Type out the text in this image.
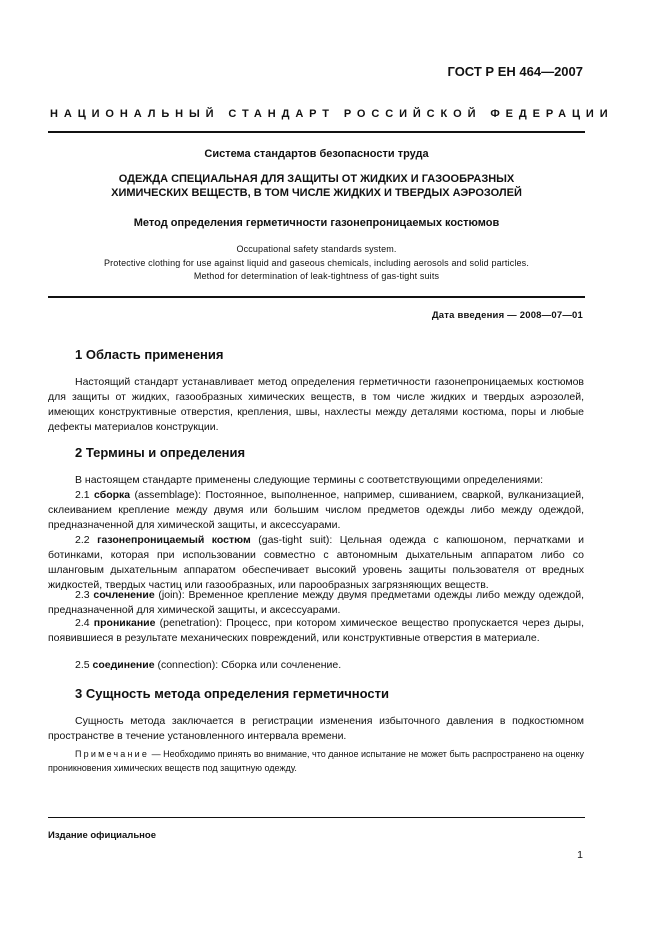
ГОСТ Р ЕН 464—2007
НАЦИОНАЛЬНЫЙ СТАНДАРТ РОССИЙСКОЙ ФЕДЕРАЦИИ
Система стандартов безопасности труда
ОДЕЖДА СПЕЦИАЛЬНАЯ ДЛЯ ЗАЩИТЫ ОТ ЖИДКИХ И ГАЗООБРАЗНЫХ
ХИМИЧЕСКИХ ВЕЩЕСТВ, В ТОМ ЧИСЛЕ ЖИДКИХ И ТВЕРДЫХ АЭРОЗОЛЕЙ
Метод определения герметичности газонепроницаемых костюмов
Occupational safety standards system.
Protective clothing for use against liquid and gaseous chemicals, including aerosols and solid particles.
Method for determination of leak-tightness of gas-tight suits
Дата введения — 2008—07—01
1 Область применения

Настоящий стандарт устанавливает метод определения герметичности газонепроницаемых костюмов для защиты от жидких, газообразных химических веществ, в том числе жидких и твердых аэрозолей, имеющих конструктивные отверстия, крепления, швы, нахлесты между деталями костюма, поры и любые дефекты материалов конструкции.

2 Термины и определения

В настоящем стандарте применены следующие термины с соответствующими определениями:

2.1 сборка (assemblage): Постоянное, выполненное, например, сшиванием, сваркой, вулканизацией, склеиванием крепление между двумя или большим числом предметов одежды либо между одеждой, предназначенной для химической защиты, и аксессуарами.

2.2 газонепроницаемый костюм (gas-tight suit): Цельная одежда с капюшоном, перчатками и ботинками, которая при использовании совместно с автономным дыхательным аппаратом либо со шланговым дыхательным аппаратом обеспечивает высокий уровень защиты пользователя от вредных жидкостей, твердых частиц или газообразных, или парообразных загрязняющих веществ.

2.3 сочленение (join): Временное крепление между двумя предметами одежды либо между одеждой, предназначенной для химической защиты, и аксессуарами.

2.4 проникание (penetration): Процесс, при котором химическое вещество пропускается через дыры, появившиеся в результате механических повреждений, или конструктивные отверстия в материале.

2.5 соединение (connection): Сборка или сочленение.

3 Сущность метода определения герметичности

Сущность метода заключается в регистрации изменения избыточного давления в подкостюмном пространстве в течение установленного интервала времени.

Примечание — Необходимо принять во внимание, что данное испытание не может быть распространено на оценку проникновения химических веществ под защитную одежду.

Издание официальное
1
